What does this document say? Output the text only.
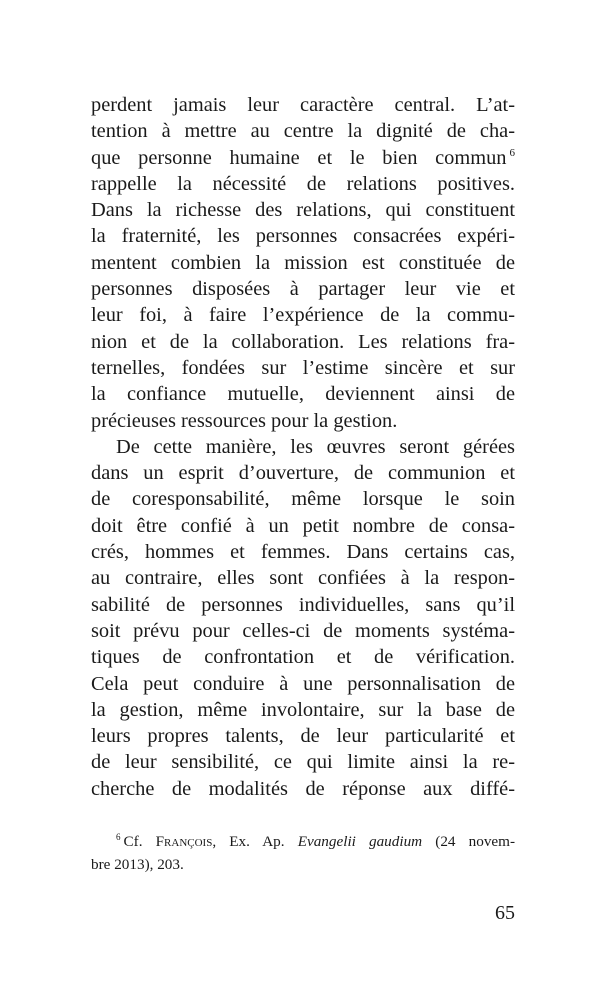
perdent jamais leur caractère central. L’at-
tention à mettre au centre la dignité de cha-
que personne humaine et le bien commun $^6$
rappelle la nécessité de relations positives.
Dans la richesse des relations, qui constituent
la fraternité, les personnes consacrées expéri-
mentent combien la mission est constituée de
personnes disposées à partager leur vie et
leur foi, à faire l’expérience de la commu-
nion et de la collaboration. Les relations fra-
ternelles, fondées sur l’estime sincère et sur
la confiance mutuelle, deviennent ainsi de
précieuses ressources pour la gestion.

De cette manière, les œuvres seront gérées
dans un esprit d’ouverture, de communion et
de coresponsabilité, même lorsque le soin
doit être confié à un petit nombre de consa-
crés, hommes et femmes. Dans certains cas,
au contraire, elles sont confiées à la respon-
sabilité de personnes individuelles, sans qu’il
soit prévu pour celles-ci de moments systéma-
tiques de confrontation et de vérification.
Cela peut conduire à une personnalisation de
la gestion, même involontaire, sur la base de
leurs propres talents, de leur particularité et
de leur sensibilité, ce qui limite ainsi la re-
cherche de modalités de réponse aux diffé-

$^6$ Cf. François, Ex. Ap. Evangelii gaudium (24 novem-
bre 2013), 203.
65
